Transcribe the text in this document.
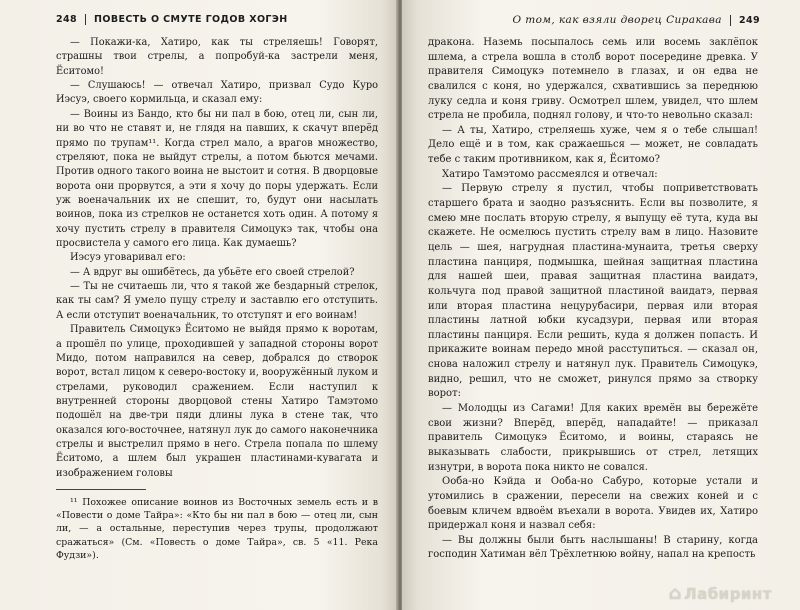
248 ПОВЕСТЬ О СМУТЕ ГОДОВ ХОГЭН

— Покажи-ка, Хатиро, как ты стреляешь! Говорят, страшны твои стрелы, а попробуй-ка застрели меня, Ёситомо!

— Слушаюсь! — отвечал Хатиро, призвал Судо Куро Иэсуэ, своего кормильца, и сказал ему:

— Воины из Бандо, кто бы ни пал в бою, отец ли, сын ли, ни во что не ставят и, не глядя на павших, к скачут вперёд прямо по трупам¹¹. Когда стрел мало, а врагов множество, стреляют, пока не выйдут стрелы, а потом бьются мечами. Против одного такого воина не выстоит и сотня. В дворцовые ворота они прорвутся, а эти я хочу до поры удержать. Если уж военачальник их не спешит, то, будут они насылать воинов, пока из стрелков не останется хоть один. А потому я хочу пустить стрелу в правителя Симоцукэ так, чтобы она просвистела у самого его лица. Как думаешь?

Иэсуэ уговаривал его:

— А вдруг вы ошибётесь, да убьёте его своей стрелой?

— Ты не считаешь ли, что я такой же бездарный стрелок, как ты сам? Я умело пущу стрелу и заставлю его отступить. А если отступит военачальник, то отступят и его воинам!

Правитель Симоцукэ Ёситомо не выйдя прямо к воротам, а прошёл по улице, проходившей у западной стороны ворот Мидо, потом направился на север, добрался до створок ворот, встал лицом к северо-востоку и, вооружённый луком и стрелами, руководил сражением. Если наступил к внутренней стороны дворцовой стены Хатиро Тамэтомо подошёл на две-три пяди длины лука в стене так, что оказался юго-восточнее, натянул лук до самого наконечника стрелы и выстрелил прямо в него. Стрела попала по шлему Ёситомо, а шлем был украшен пластинами-кувагата и изображением головы

¹¹ Похожее описание воинов из Восточных земель есть и в «Повести о доме Тайра»: «Кто бы ни пал в бою — отец ли, сын ли, — а остальные, переступив через трупы, продолжают сражаться» (См. «Повесть о доме Тайра», св. 5 «11. Река Фудзи»).

О том, как взяли дворец Сиракава 249

дракона. Наземь посыпалось семь или восемь заклёпок шлема, а стрела вошла в столб ворот посередине древка. У правителя Симоцукэ потемнело в глазах, и он едва не свалился с коня, но удержался, схватившись за переднюю луку седла и коня гриву. Осмотрел шлем, увидел, что шлем стрела не пробила, поднял голову, и что-то невольно сказал:

— А ты, Хатиро, стреляешь хуже, чем я о тебе слышал! Дело ещё и в том, как сражаешься — может, не совладать тебе с таким противником, как я, Ёситомо?

Хатиро Тамэтомо рассмеялся и отвечал:

— Первую стрелу я пустил, чтобы поприветствовать старшего брата и заодно разъяснить. Если вы позволите, я смею мне послать вторую стрелу, я выпущу её тута, куда вы скажете. Не осмелюсь пустить стрелу вам в лицо. Назовите цель — шея, нагрудная пластина-мунаита, третья сверху пластина панциря, подмышка, шейная защитная пластина для нашей шеи, правая защитная пластина ваидатэ, кольчуга под правой защитной пластиной ваидатэ, первая или вторая пластина нецурубасири, первая или вторая пластины латной юбки кусадзури, первая или вторая пластины панциря. Если решить, куда я должен попасть. И прикажите воинам передо мной расступиться. — сказал он, снова наложил стрелу и натянул лук. Правитель Симоцукэ, видно, решил, что не сможет, ринулся прямо за створку ворот:

— Молодцы из Сагами! Для каких времён вы бережёте свои жизни? Вперёд, вперёд, нападайте! — приказал правитель Симоцукэ Ёситомо, и воины, стараясь не выказывать слабости, прикрывшись от стрел, летящих изнутри, в ворота пока никто не совался.

Ооба-но Кэйда и Ооба-но Сабуро, которые устали и утомились в сражении, пересели на свежих коней и с боевым кличем вдвоём въехали в ворота. Увидев их, Хатиро придержал коня и назвал себя:

— Вы должны были быть наслышаны! В старину, когда господин Хатиман вёл Трёхлетнюю войну, напал на крепость

⌂ Лабиринт
